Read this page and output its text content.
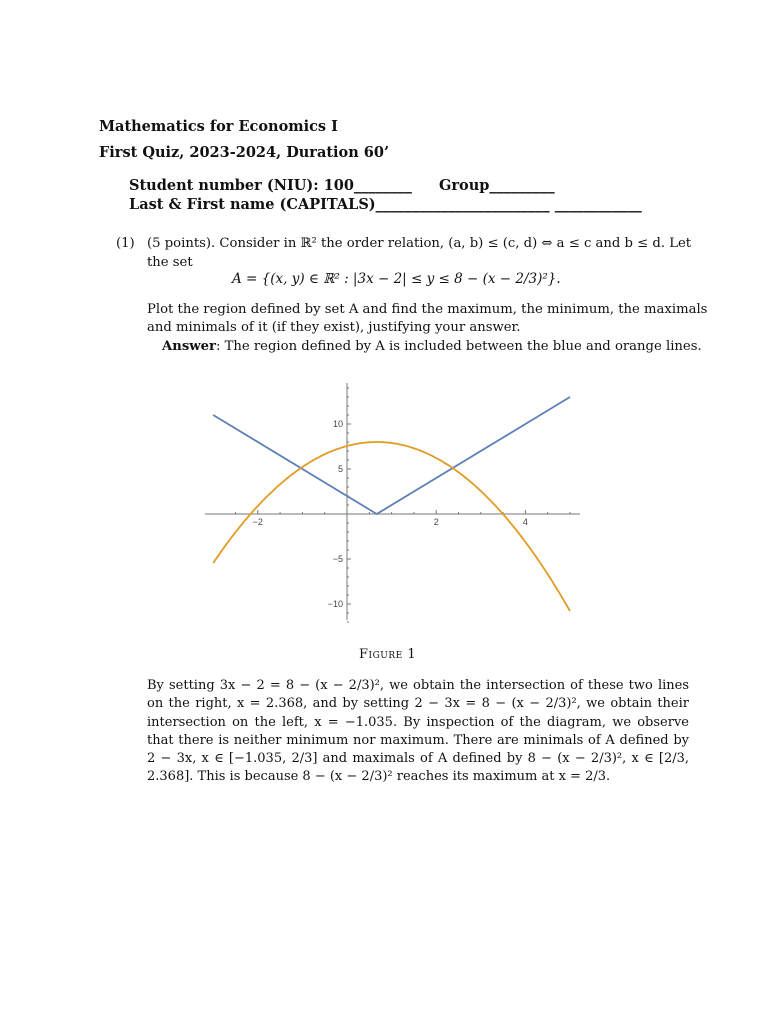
Mathematics for Economics I
First Quiz, 2023-2024, Duration 60’
Student number (NIU): 100________ Group_________
Last & First name (CAPITALS)________________________ ____________
(1) (5 points). Consider in ℝ² the order relation, (a, b) ≤ (c, d) ⇔ a ≤ c and b ≤ d. Let
the set
A = {(x, y) ∈ ℝ² : |3x − 2| ≤ y ≤ 8 − (x − 2/3)²}.
Plot the region defined by set A and find the maximum, the minimum, the maximals
and minimals of it (if they exist), justifying your answer.
Answer: The region defined by A is included between the blue and orange lines.
−2	2	4
−10
−5
5
10
Figure 1
By setting 3x − 2 = 8 − (x − 2/3)², we obtain the intersection of these two lines on the right, x = 2.368, and by setting 2 − 3x = 8 − (x − 2/3)², we obtain their intersection on the left, x = −1.035. By inspection of the diagram, we observe that there is neither minimum nor maximum. There are minimals of A defined by 2 − 3x, x ∈ [−1.035, 2/3] and maximals of A defined by 8 − (x − 2/3)², x ∈ [2/3, 2.368]. This is because 8 − (x − 2/3)² reaches its maximum at x = 2/3.
